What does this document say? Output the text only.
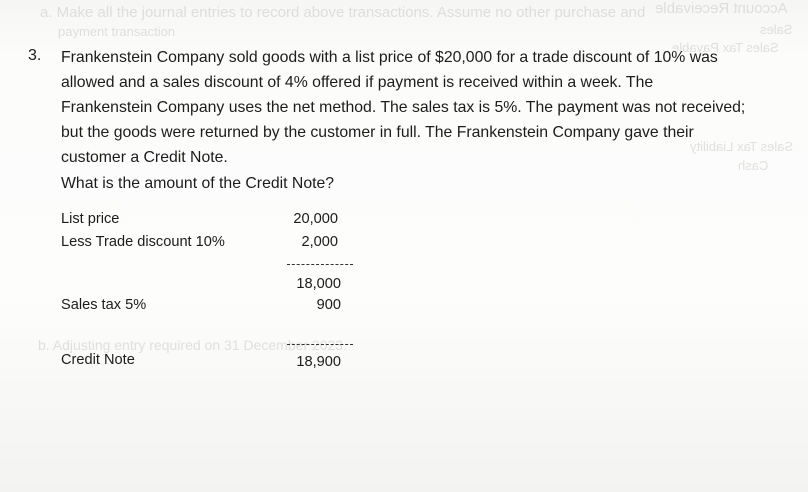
a. Make all the journal entries to record above transactions. Assume no other purchase and Account Receivable
payment transaction
Sales Tax Payable
Sales
Sales Tax Liability
Cash
b. Adjusting entry required on 31 December 2023.
3. Frankenstein Company sold goods with a list price of $20,000 for a trade discount of 10% was
allowed and a sales discount of 4% offered if payment is received within a week. The
Frankenstein Company uses the net method. The sales tax is 5%. The payment was not received;
but the goods were returned by the customer in full. The Frankenstein Company gave their
customer a Credit Note.
What is the amount of the Credit Note?
List price	20,000
Less Trade discount 10%	2,000
18,000
Sales tax 5%	900
Credit Note	18,900
